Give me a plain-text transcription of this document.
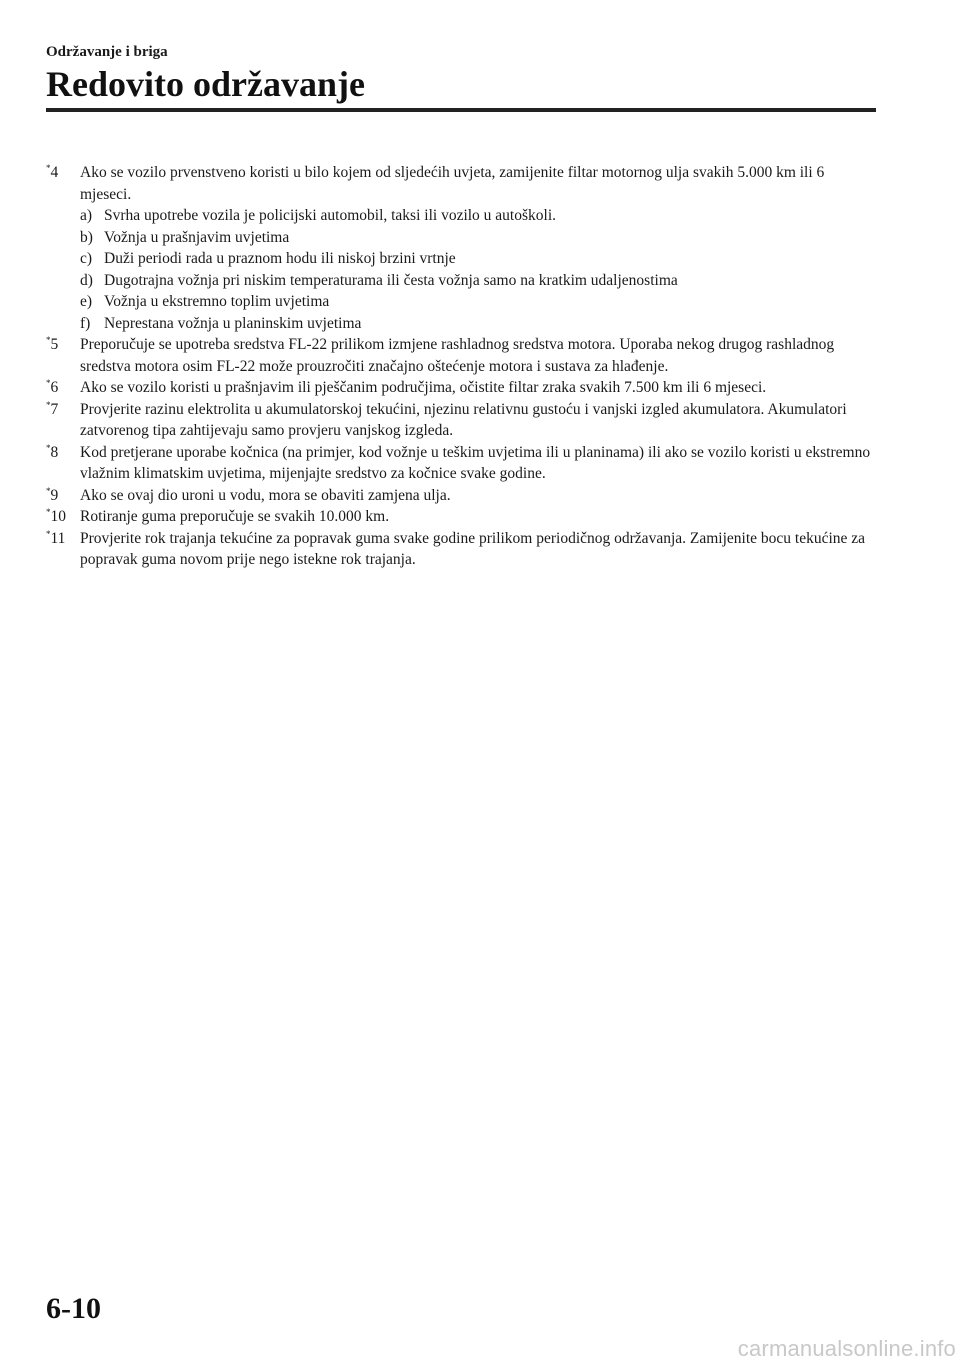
Održavanje i briga
Redovito održavanje
*4 Ako se vozilo prvenstveno koristi u bilo kojem od sljedećih uvjeta, zamijenite filtar motornog ulja svakih 5.000 km ili 6 mjeseci.
a) Svrha upotrebe vozila je policijski automobil, taksi ili vozilo u autoškoli.
b) Vožnja u prašnjavim uvjetima
c) Duži periodi rada u praznom hodu ili niskoj brzini vrtnje
d) Dugotrajna vožnja pri niskim temperaturama ili česta vožnja samo na kratkim udaljenostima
e) Vožnja u ekstremno toplim uvjetima
f) Neprestana vožnja u planinskim uvjetima
*5 Preporučuje se upotreba sredstva FL-22 prilikom izmjene rashladnog sredstva motora. Uporaba nekog drugog rashladnog sredstva motora osim FL-22 može prouzročiti značajno oštećenje motora i sustava za hlađenje.
*6 Ako se vozilo koristi u prašnjavim ili pješčanim područjima, očistite filtar zraka svakih 7.500 km ili 6 mjeseci.
*7 Provjerite razinu elektrolita u akumulatorskoj tekućini, njezinu relativnu gustoću i vanjski izgled akumulatora. Akumulatori zatvorenog tipa zahtijevaju samo provjeru vanjskog izgleda.
*8 Kod pretjerane uporabe kočnica (na primjer, kod vožnje u teškim uvjetima ili u planinama) ili ako se vozilo koristi u ekstremno vlažnim klimatskim uvjetima, mijenjajte sredstvo za kočnice svake godine.
*9 Ako se ovaj dio uroni u vodu, mora se obaviti zamjena ulja.
*10 Rotiranje guma preporučuje se svakih 10.000 km.
*11 Provjerite rok trajanja tekućine za popravak guma svake godine prilikom periodičnog održavanja. Zamijenite bocu tekućine za popravak guma novom prije nego istekne rok trajanja.
6-10
carmanualsonline.info
